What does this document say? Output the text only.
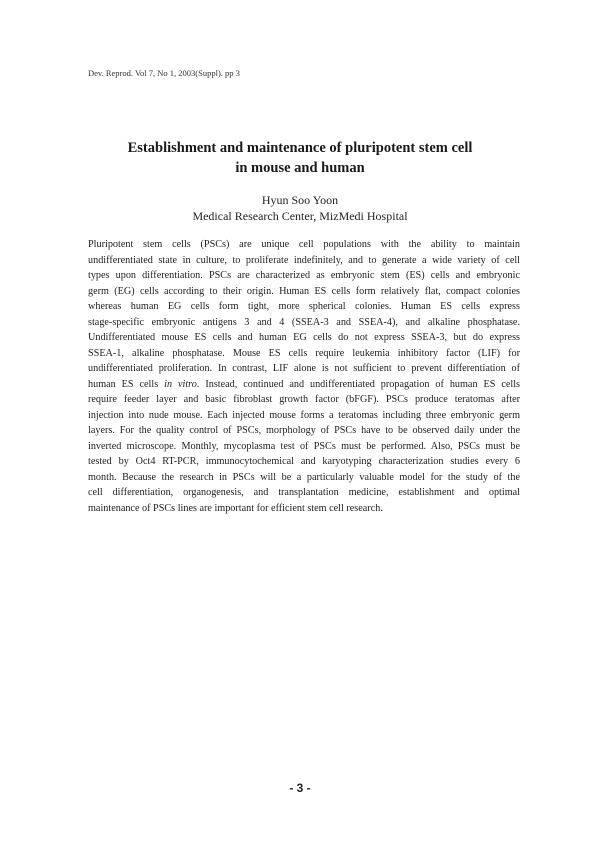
Dev. Reprod. Vol 7, No 1, 2003(Suppl). pp 3
Establishment and maintenance of pluripotent stem cell
in mouse and human
Hyun Soo Yoon
Medical Research Center, MizMedi Hospital
Pluripotent stem cells (PSCs) are unique cell populations with the ability to maintain
undifferentiated state in culture, to proliferate indefinitely, and to generate a wide variety of cell
types upon differentiation. PSCs are characterized as embryonic stem (ES) cells and embryonic
germ (EG) cells according to their origin. Human ES cells form relatively flat, compact colonies
whereas human EG cells form tight, more spherical colonies. Human ES cells express
stage-specific embryonic antigens 3 and 4 (SSEA-3 and SSEA-4), and alkaline phosphatase.
Undifferentiated mouse ES cells and human EG cells do not express SSEA-3, but do express
SSEA-1, alkaline phosphatase. Mouse ES cells require leukemia inhibitory factor (LIF) for
undifferentiated proliferation. In contrast, LIF alone is not sufficient to prevent differentiation of
human ES cells in vitro. Instead, continued and undifferentiated propagation of human ES cells
require feeder layer and basic fibroblast growth factor (bFGF). PSCs produce teratomas after
injection into nude mouse. Each injected mouse forms a teratomas including three embryonic germ
layers. For the quality control of PSCs, morphology of PSCs have to be observed daily under the
inverted microscope. Monthly, mycoplasma test of PSCs must be performed. Also, PSCs must be
tested by Oct4 RT-PCR, immunocytochemical and karyotyping characterization studies every 6
month. Because the research in PSCs will be a particularly valuable model for the study of the
cell differentiation, organogenesis, and transplantation medicine, establishment and optimal
maintenance of PSCs lines are important for efficient stem cell research.
- 3 -
